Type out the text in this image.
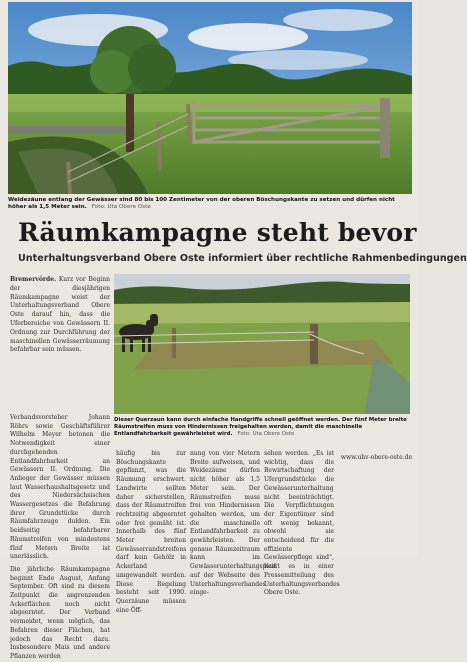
Weidezäune entlang der Gewässer sind 80 bis 100 Zentimeter von der oberen Böschungskante zu setzen und dürfen nicht höher als 1,5 Meter sein. Foto: Uta Obere Oste
Räumkampagne steht bevor
Unterhaltungsverband Obere Oste informiert über rechtliche Rahmenbedingungen

Bremervörde. Kurz vor Beginn der diesjährigen Räumkampagne weist der Unterhaltungsverband Obere Oste darauf hin, dass die Uferbereiche von Gewässern II. Ordnung zur Durchführung der maschinellen Gewässerräumung befahrbar sein müssen.

Dieser Querzaun kann durch einfache Handgriffe schnell geöffnet werden. Der fünf Meter breite Räumstreifen muss von Hindernissen freigehalten werden, damit die maschinelle Entlandfahrbarkeit gewährleistet wird. Foto: Uta Obere Oste

Verbandsvorsteher Johann Röhrs sowie Geschäftsführer Wilhelm Meyer betonen die Notwendigkeit einer durchgehenden Entlandfahrbarkeit an Gewässern II. Ordnung. Die Anlieger der Gewässer müssen laut Wasserhaushaltsgesetz und des Niedersächsischen Wassergesetzes die Befahrung ihrer Grundstücke durch Räumfahrzeuge dulden. Ein beidseitig befahrbarer Räumstreifen von mindestens fünf Metern Breite ist unerlässlich.

Die jährliche Räumkampagne beginnt Ende August, Anfang September. Oft sind zu diesem Zeitpunkt die angrenzenden Ackerflächen noch nicht abgeerntet. Der Verband vermeidet, wenn möglich, das Befahren dieser Flächen, hat jedoch das Recht dazu. Insbesondere Mais und andere Pflanzen werden

häufig bis zur Böschungskante gepflanzt, was die Räumung erschwert. Landwirte sollten daher sicherstellen, dass der Räumstreifen rechtzeitig abgeerntet oder frei gemäht ist. Innerhalb des fünf Meter breiten Gewässerrandstreifens darf kein Gehölz in Ackerland umgewandelt werden. Diese Regelung besteht seit 1990. Querzäune müssen eine Öff-

nung von vier Metern Breite aufweisen, und Weidezäune dürfen nicht höher als 1,5 Meter sein. Der Räumstreifen muss frei von Hindernissen gehalten werden, um die maschinelle Entlandfahrbarkeit zu gewährleisten. Der genaue Räumzeitraum kann im Gewässerunterhaltungsplan auf der Webseite des Unterhaltungsverbandes einge-

sehen werden. „Es ist wichtig, dass die Bewirtschaftung der Ufergrundstücke die Gewässerunterhaltung nicht beeinträchtigt. Die Verpflichtungen der Eigentümer sind oft wenig bekannt, obwohl sie entscheidend für die effiziente Gewässerpflege sind“, heißt es in einer Pressemitteilung des Unterhaltungsverbandes Obere Oste.

www.uhv-obere-oste.de
